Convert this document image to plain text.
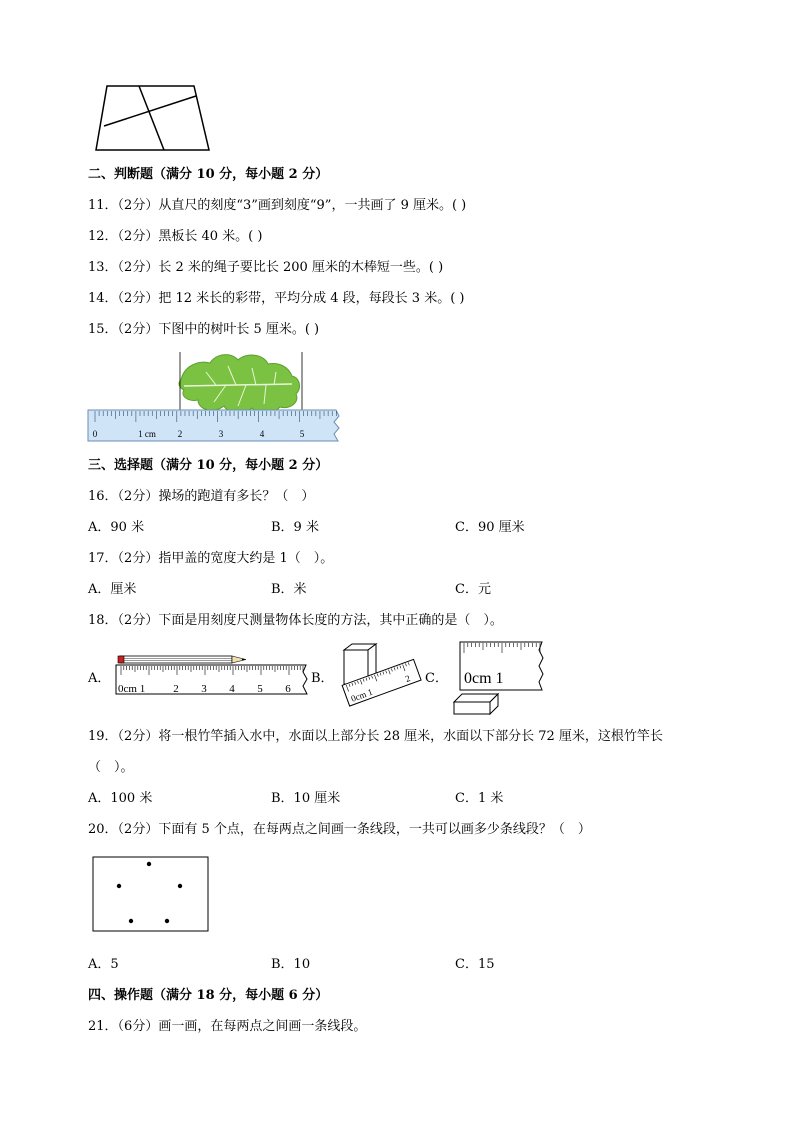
二、判断题（满分 10 分，每小题 2 分）
11．（2分）从直尺的刻度“3”画到刻度“9”，一共画了 9 厘米。( )
12．（2分）黑板长 40 米。( )
13．（2分）长 2 米的绳子要比长 200 厘米的木棒短一些。( )
14．（2分）把 12 米长的彩带，平均分成 4 段，每段长 3 米。( )
15．（2分）下图中的树叶长 5 厘米。( )
0	1 cm 2	3	4	5
三、选择题（满分 10 分，每小题 2 分）
16．（2分）操场的跑道有多长？（　）
A．90 米	B．9 米	C．90 厘米
17．（2分）指甲盖的宽度大约是 1（　）。
A．厘米	B．米	C．元
18．（2分）下面是用刻度尺测量物体长度的方法，其中正确的是（　）。
A．	B．	C．
0cm 1	2 3 4 5 6	0cm 1
2	0cm 1
19．（2分）将一根竹竿插入水中，水面以上部分长 28 厘米，水面以下部分长 72 厘米，这根竹竿长
（　）。
A．100 米	B．10 厘米	C．1 米
20．（2分）下面有 5 个点，在每两点之间画一条线段，一共可以画多少条线段？（　）
A．5	B．10	C．15
四、操作题（满分 18 分，每小题 6 分）
21．（6分）画一画，在每两点之间画一条线段。
